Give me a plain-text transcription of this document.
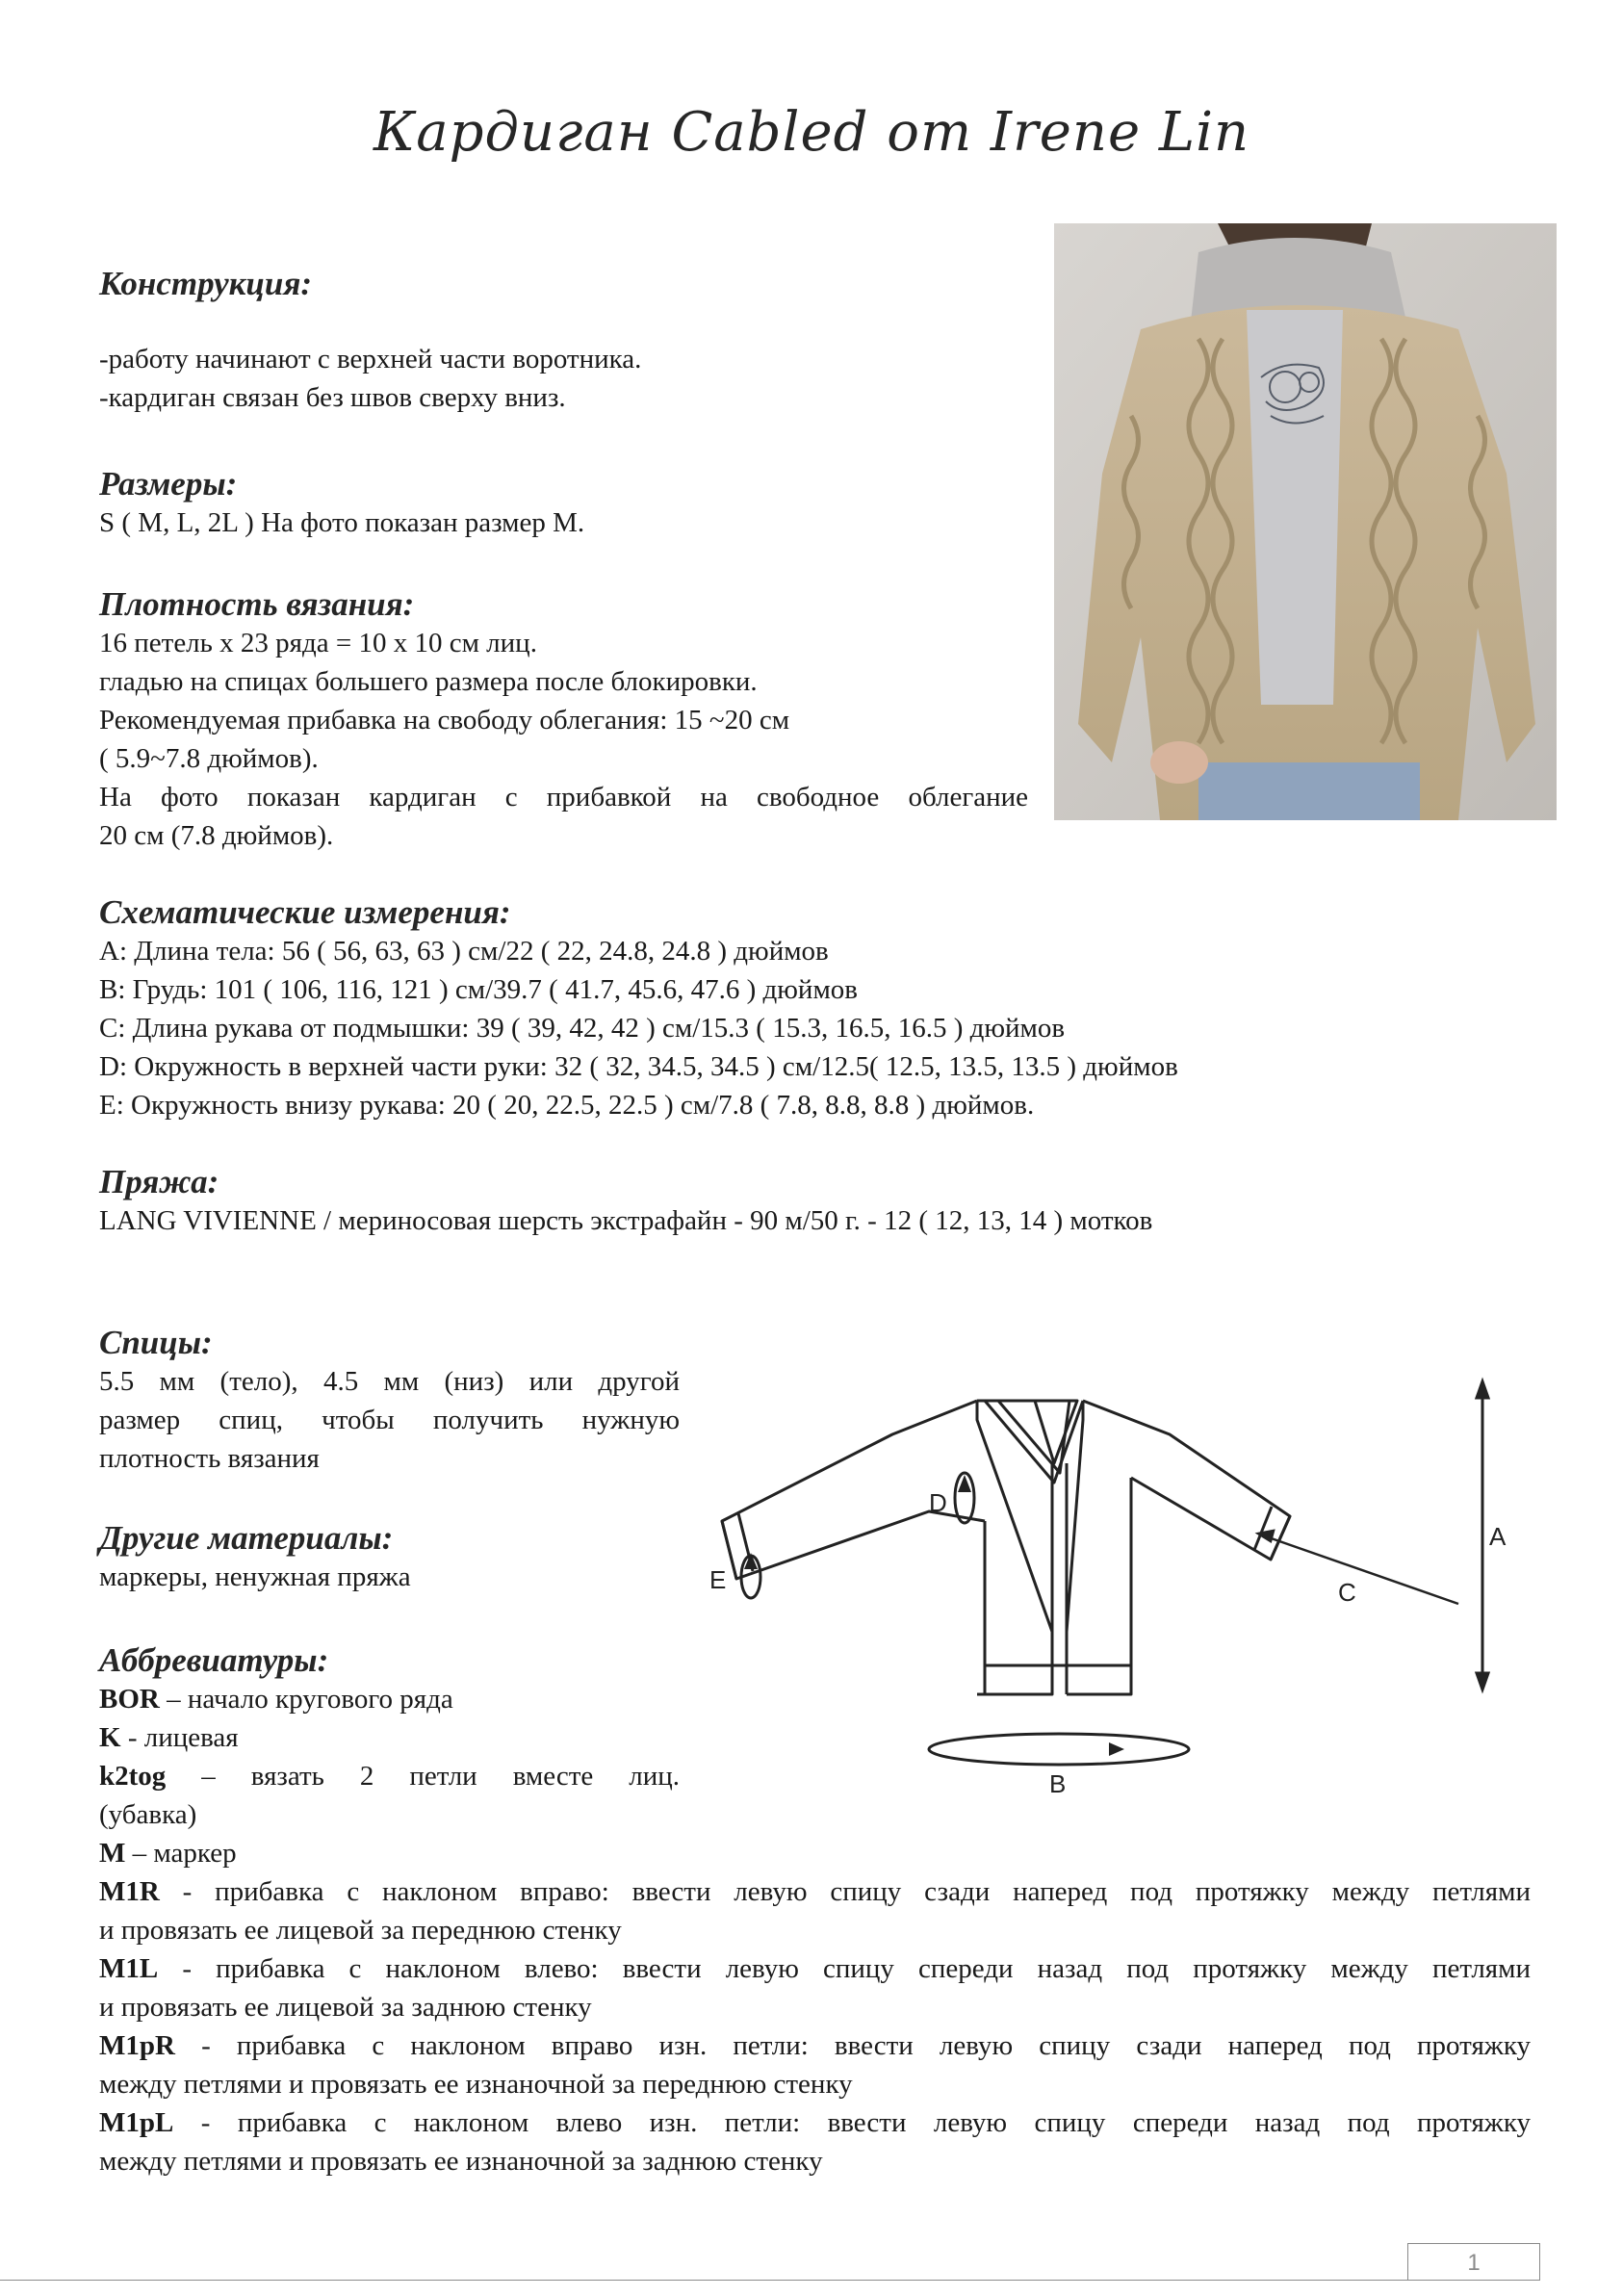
Кардиган Cabled от Irene Lin

Конструкция:

-работу начинают с верхней части воротника.

-кардиган связан без швов сверху вниз.

Размеры:

S ( M, L, 2L ) На фото показан размер M.

Плотность вязания:

16 петель х 23 ряда = 10 х 10 см лиц.

гладью на спицах большего размера после блокировки.

Рекомендуемая прибавка на свободу облегания: 15 ~20 см

( 5.9~7.8 дюймов).

На фото показан кардиган с прибавкой на свободное облегание

20 см (7.8 дюймов).

Схематические измерения:

A: Длина тела: 56 ( 56, 63, 63 ) см/22 ( 22, 24.8, 24.8 ) дюймов

B: Грудь: 101 ( 106, 116, 121 ) см/39.7 ( 41.7, 45.6, 47.6 ) дюймов

C: Длина рукава от подмышки: 39 ( 39, 42, 42 ) см/15.3 ( 15.3, 16.5, 16.5 ) дюймов

D: Окружность в верхней части руки: 32 ( 32, 34.5, 34.5 ) см/12.5( 12.5, 13.5, 13.5 ) дюймов

E: Окружность внизу рукава: 20 ( 20, 22.5, 22.5 ) см/7.8 ( 7.8, 8.8, 8.8 ) дюймов.

Пряжа:

LANG VIVIENNE / мериносовая шерсть экстрафайн - 90 м/50 г. - 12 ( 12, 13, 14 ) мотков

Спицы:

5.5 мм (тело), 4.5 мм (низ) или другой

размер спиц, чтобы получить нужную

плотность вязания

Другие материалы:

маркеры, ненужная пряжа

A
C
B
D
E

Аббревиатуры:

BOR – начало кругового ряда

K - лицевая

k2tog – вязать 2 петли вместе лиц.

(убавка)

M – маркер

M1R - прибавка с наклоном вправо: ввести левую спицу сзади наперед под протяжку между петлями

и провязать ее лицевой за переднюю стенку

M1L - прибавка с наклоном влево: ввести левую спицу спереди назад под протяжку между петлями

и провязать ее лицевой за заднюю стенку

M1pR - прибавка с наклоном вправо изн. петли: ввести левую спицу сзади наперед под протяжку

между петлями и провязать ее изнаночной за переднюю стенку

M1pL - прибавка с наклоном влево изн. петли: ввести левую спицу спереди назад под протяжку

между петлями и провязать ее изнаночной за заднюю стенку

1
